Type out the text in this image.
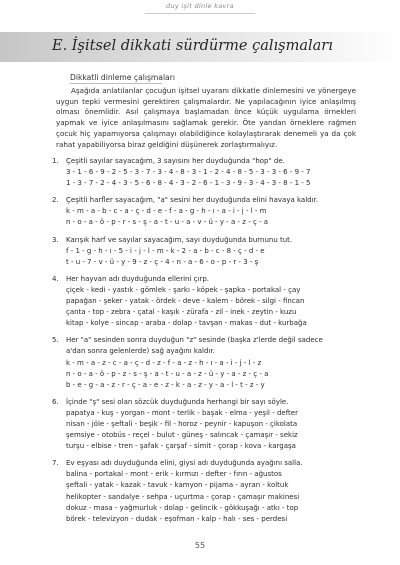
duy işit dinle kavra
E. İşitsel dikkati sürdürme çalışmaları
Dikkatli dinleme çalışmaları

Aşağıda anlatılanlar çocuğun işitsel uyaranı dikkatle dinlemesini ve yönergeye uygun tepki vermesini gerektiren çalışmalardır. Ne yapılacağının iyice anlaşılmış olması önemlidir. Asıl çalışmaya başlamadan önce küçük uygulama örnekleri yapmak ve iyice anlaşılmasını sağlamak gerekir. Öte yandan örneklere rağmen çocuk hiç yapamıyorsa çalışmayı olabildiğince kolaylaştırarak denemeli ya da çok rahat yapabiliyorsa biraz geldiğini düşünerek zorlaştırmalıyız.

1.	Çeşitli sayılar sayacağım, 3 sayısını her duyduğunda "hop" de.
3 - 1 - 6 - 9 - 2 - 5 - 3 - 7 - 3 - 4 - 8 - 3 - 1 - 2 - 4 - 8 - 5 - 3 - 3 - 6 - 9 - 7
1 - 3 - 7 - 2 - 4 - 3 - 5 - 6 - 8 - 4 - 3 - 2 - 6 - 1 - 3 - 9 - 3 - 4 - 3 - 8 - 1 - 5
2.	Çeşitli harfler sayacağım, "a" sesini her duyduğunda elini havaya kaldır.
k - m - a - b - c - a - ç - d - e - f - a - g - h - ı - a - i - j - l - m
n - o - a - ö - p - r - s - ş - a - t - u - a - v - ü - y - a - z - ç - a
3.	Karışık harf ve sayılar sayacağım, sayı duyduğunda burnunu tut.
f - 1 - g - h - ı - 5 - i - j - l - m - k - 2 - a - b - c - 8 - ç - d - e
t - u - 7 - v - ü - y - 9 - z - ç - 4 - n - a - 6 - o - p - r - 3 - ş
4.	Her hayvan adı duyduğunda ellerini çırp.
çiçek - kedi - yastık - gömlek - şarkı - köpek - şapka - portakal - çay
papağan - şeker - yatak - ördek - deve - kalem - börek - silgi - fincan
çanta - top - zebra - çatal - kaşık - zürafa - zil - inek - zeytin - kuzu
kitap - kolye - sincap - araba - dolap - tavşan - makas - dut - kurbağa
5.	Her "a" sesinden sonra duyduğun "z" sesinde (başka z'lerde değil sadece
a'dan sonra gelenlerde) sağ ayağını kaldır.
k - m - a - z - c - a - ç - d - z - f - a - z - h - ı - a - i - j - l - z
n - o - a - ö - p - z - s - ş - a - t - u - a - z - ü - y - a - z - ç - a
b - e - g - a - z - r - ç - a - e - z - k - a - z - y - a - l - t - z - y
6.	İçinde "ş" sesi olan sözcük duyduğunda herhangi bir sayı söyle.
papatya - kuş - yorgan - mont - terlik - başak - elma - yeşil - defter
nisan - jöle - şeftali - beşik - fil - horoz - peynir - kapuşon - çikolata
şemsiye - otobüs - reçel - bulut - güneş - salıncak - çamaşır - sekiz
turşu - elbise - tren - şafak - çarşaf - simit - çorap - kova - kargaşa
7.	Ev eşyası adı duyduğunda elini, giysi adı duyduğunda ayağını salla.
balina - portakal - mont - erik - kırmızı - defter - fırın - ağustos
şeftali - yatak - kazak - tavuk - kamyon - pijama - ayran - koltuk
helikopter - sandalye - sehpa - uçurtma - çorap - çamaşır makinesi
dokuz - masa - yağmurluk - dolap - gelincik - gökkuşağı - atkı - top
börek - televizyon - dudak - eşofman - kalp - halı - ses - perdesi
55
